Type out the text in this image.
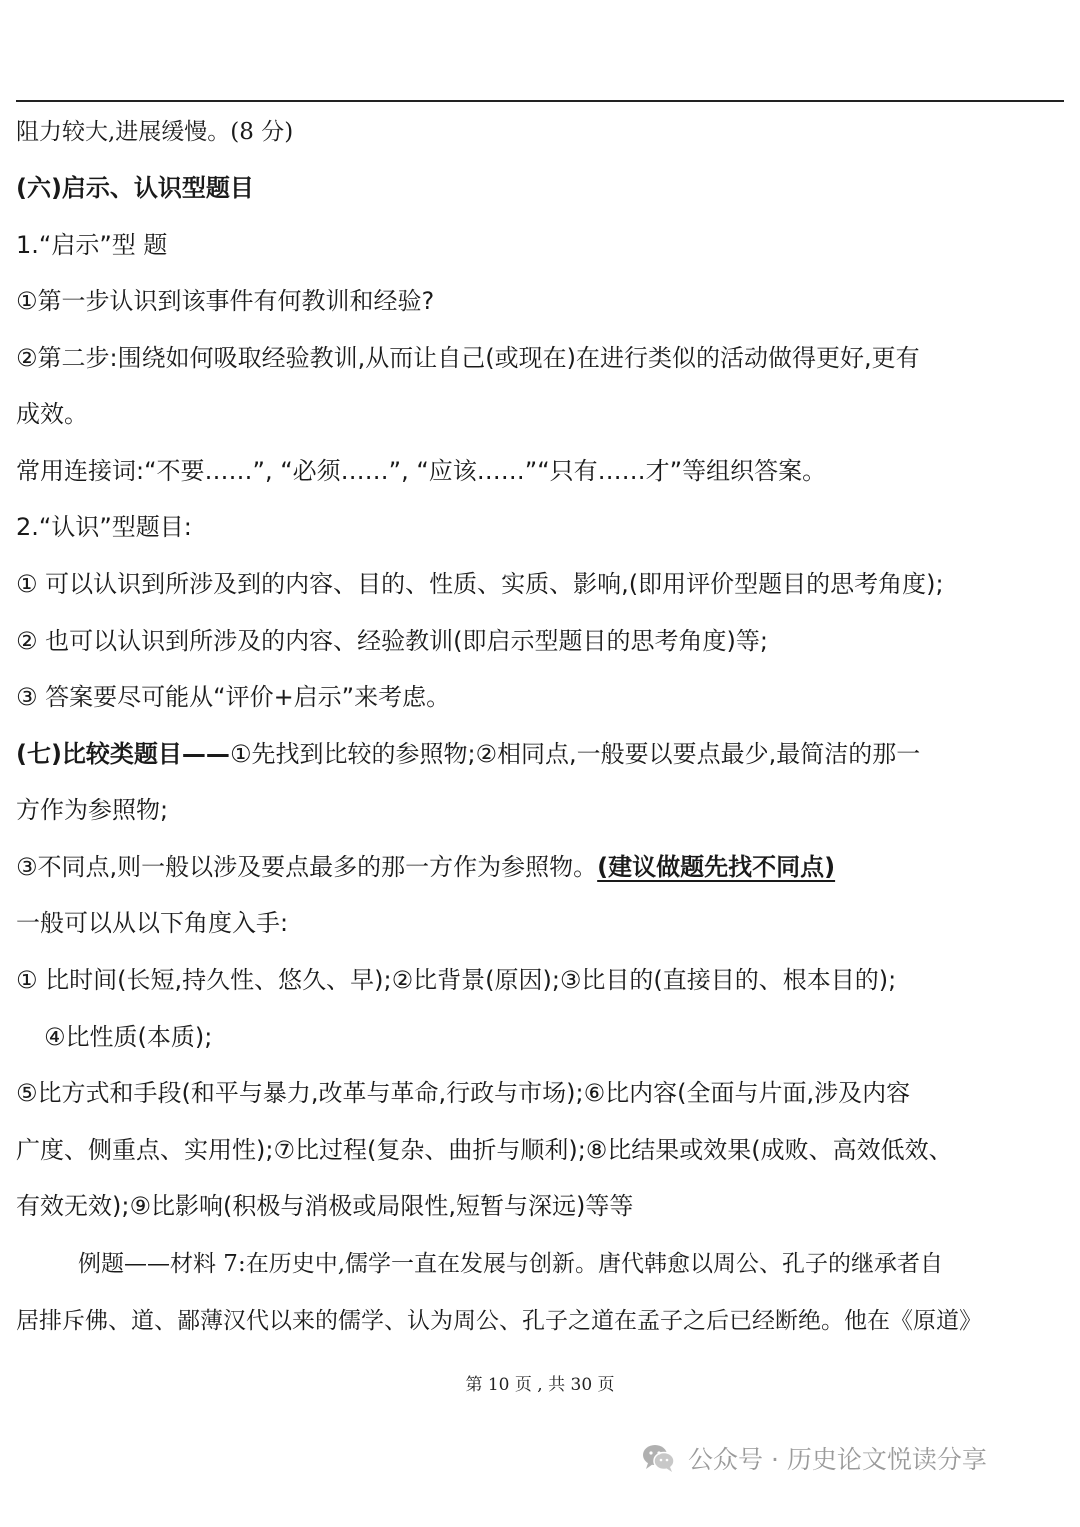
阻力较大,进展缓慢。(8 分)
(六)启示、认识型题目
1.“启示”型 题
①第一步认识到该事件有何教训和经验?
②第二步:围绕如何吸取经验教训,从而让自己(或现在)在进行类似的活动做得更好,更有
成效。
常用连接词:“不要……”, “必须……”, “应该……”“只有……才”等组织答案。
2.“认识”型题目:
① 可以认识到所涉及到的内容、目的、性质、实质、影响,(即用评价型题目的思考角度);
② 也可以认识到所涉及的内容、经验教训(即启示型题目的思考角度)等;
③ 答案要尽可能从“评价+启示”来考虑。
(七)比较类题目——①先找到比较的参照物;②相同点,一般要以要点最少,最简洁的那一
方作为参照物;
③不同点,则一般以涉及要点最多的那一方作为参照物。(建议做题先找不同点)
一般可以从以下角度入手:
① 比时间(长短,持久性、悠久、早);②比背景(原因);③比目的(直接目的、根本目的);
④比性质(本质);
⑤比方式和手段(和平与暴力,改革与革命,行政与市场);⑥比内容(全面与片面,涉及内容
广度、侧重点、实用性);⑦比过程(复杂、曲折与顺利);⑧比结果或效果(成败、高效低效、
有效无效);⑨比影响(积极与消极或局限性,短暂与深远)等等
例题——材料 7:在历史中,儒学一直在发展与创新。唐代韩愈以周公、孔子的继承者自
居排斥佛、道、鄙薄汉代以来的儒学、认为周公、孔子之道在孟子之后已经断绝。他在《原道》
第 10 页 , 共 30 页
公众号 · 历史论文悦读分享
